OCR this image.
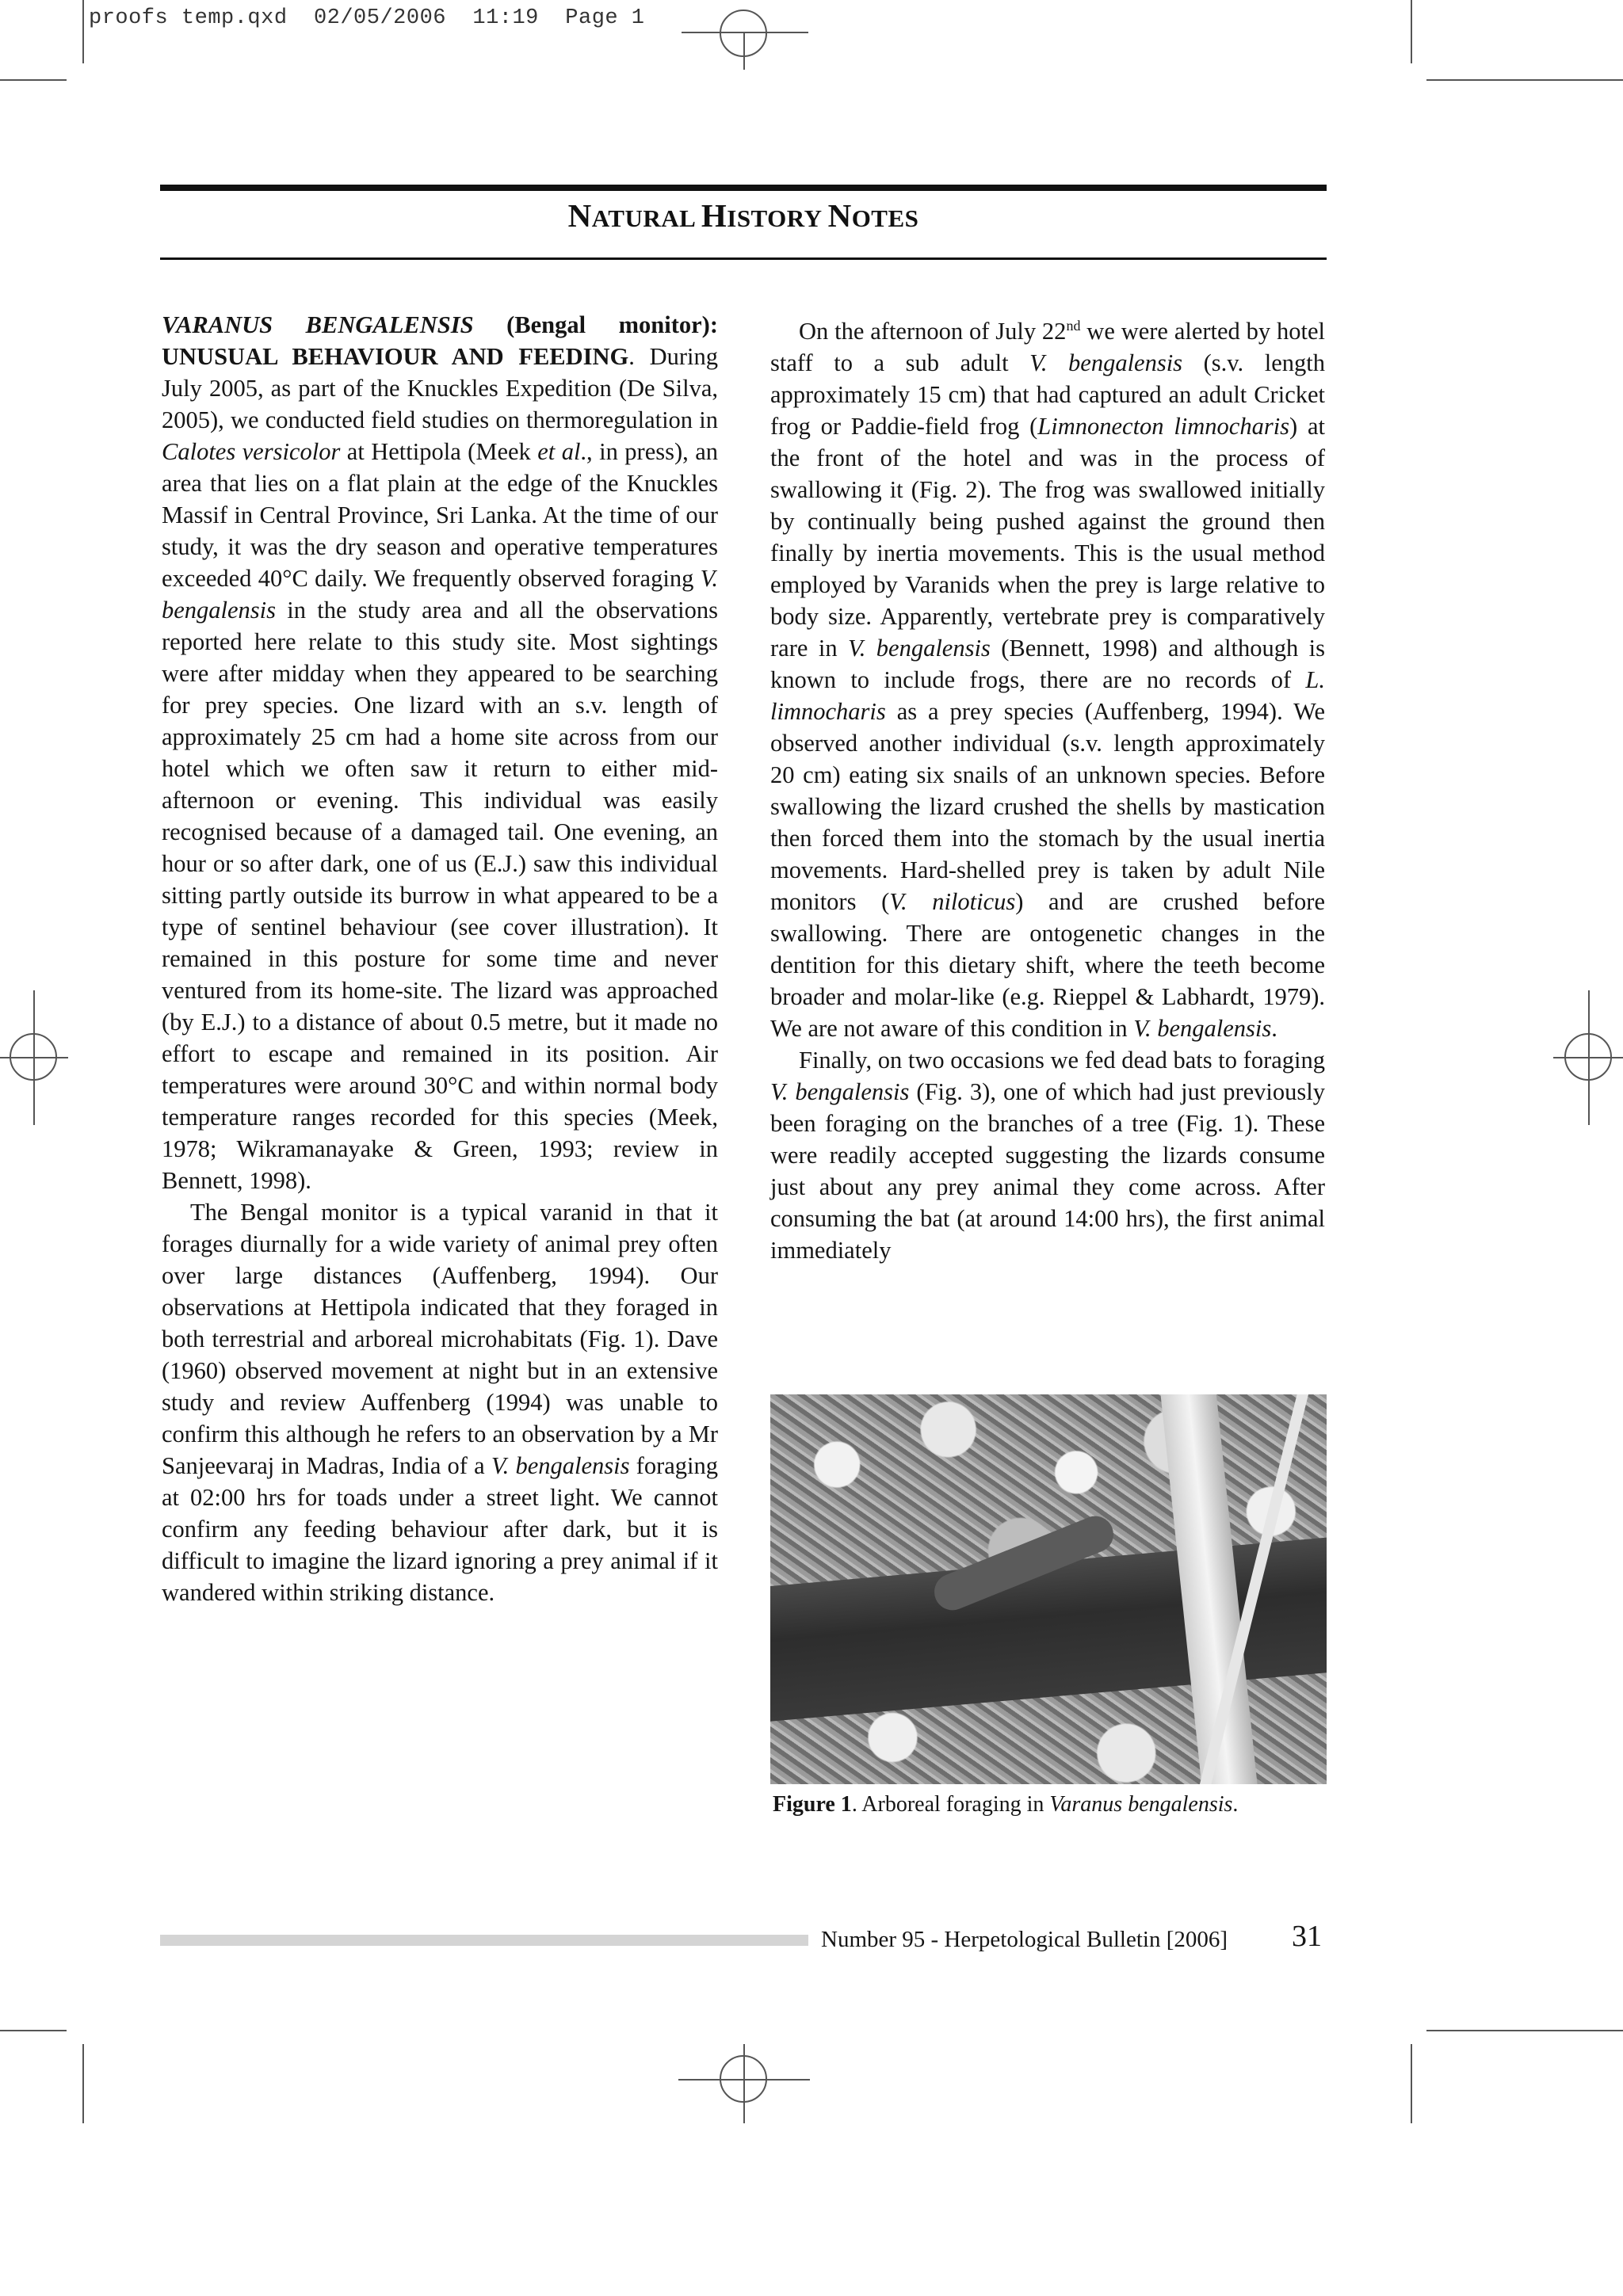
proofs temp.qxd  02/05/2006  11:19  Page 1
NATURAL HISTORY NOTES

VARANUS BENGALENSIS (Bengal monitor): UNUSUAL BEHAVIOUR AND FEEDING. During July 2005, as part of the Knuckles Expedition (De Silva, 2005), we conducted field studies on thermoregulation in Calotes versicolor at Hettipola (Meek et al., in press), an area that lies on a flat plain at the edge of the Knuckles Massif in Central Province, Sri Lanka. At the time of our study, it was the dry season and operative temperatures exceeded 40°C daily. We frequently observed foraging V. bengalensis in the study area and all the observations reported here relate to this study site. Most sightings were after midday when they appeared to be searching for prey species. One lizard with an s.v. length of approximately 25 cm had a home site across from our hotel which we often saw it return to either mid-afternoon or evening. This individual was easily recognised because of a damaged tail. One evening, an hour or so after dark, one of us (E.J.) saw this individual sitting partly outside its burrow in what appeared to be a type of sentinel behaviour (see cover illustration). It remained in this posture for some time and never ventured from its home-site. The lizard was approached (by E.J.) to a distance of about 0.5 metre, but it made no effort to escape and remained in its position. Air temperatures were around 30°C and within normal body temperature ranges recorded for this species (Meek, 1978; Wikramanayake & Green, 1993; review in Bennett, 1998).

The Bengal monitor is a typical varanid in that it forages diurnally for a wide variety of animal prey often over large distances (Auffenberg, 1994). Our observations at Hettipola indicated that they foraged in both terrestrial and arboreal microhabitats (Fig. 1). Dave (1960) observed movement at night but in an extensive study and review Auffenberg (1994) was unable to confirm this although he refers to an observation by a Mr Sanjeevaraj in Madras, India of a V. bengalensis foraging at 02:00 hrs for toads under a street light. We cannot confirm any feeding behaviour after dark, but it is difficult to imagine the lizard ignoring a prey animal if it wandered within striking distance.

On the afternoon of July 22nd we were alerted by hotel staff to a sub adult V. bengalensis (s.v. length approximately 15 cm) that had captured an adult Cricket frog or Paddie-field frog (Limnonecton limnocharis) at the front of the hotel and was in the process of swallowing it (Fig. 2). The frog was swallowed initially by continually being pushed against the ground then finally by inertia movements. This is the usual method employed by Varanids when the prey is large relative to body size. Apparently, vertebrate prey is comparatively rare in V. bengalensis (Bennett, 1998) and although is known to include frogs, there are no records of L. limnocharis as a prey species (Auffenberg, 1994). We observed another individual (s.v. length approximately 20 cm) eating six snails of an unknown species. Before swallowing the lizard crushed the shells by mastication then forced them into the stomach by the usual inertia movements. Hard-shelled prey is taken by adult Nile monitors (V. niloticus) and are crushed before swallowing. There are ontogenetic changes in the dentition for this dietary shift, where the teeth become broader and molar-like (e.g. Rieppel & Labhardt, 1979). We are not aware of this condition in V. bengalensis.

Finally, on two occasions we fed dead bats to foraging V. bengalensis (Fig. 3), one of which had just previously been foraging on the branches of a tree (Fig. 1). These were readily accepted suggesting the lizards consume just about any prey animal they come across. After consuming the bat (at around 14:00 hrs), the first animal immediately

Figure 1. Arboreal foraging in Varanus bengalensis.
Number 95 - Herpetological Bulletin [2006] 31
